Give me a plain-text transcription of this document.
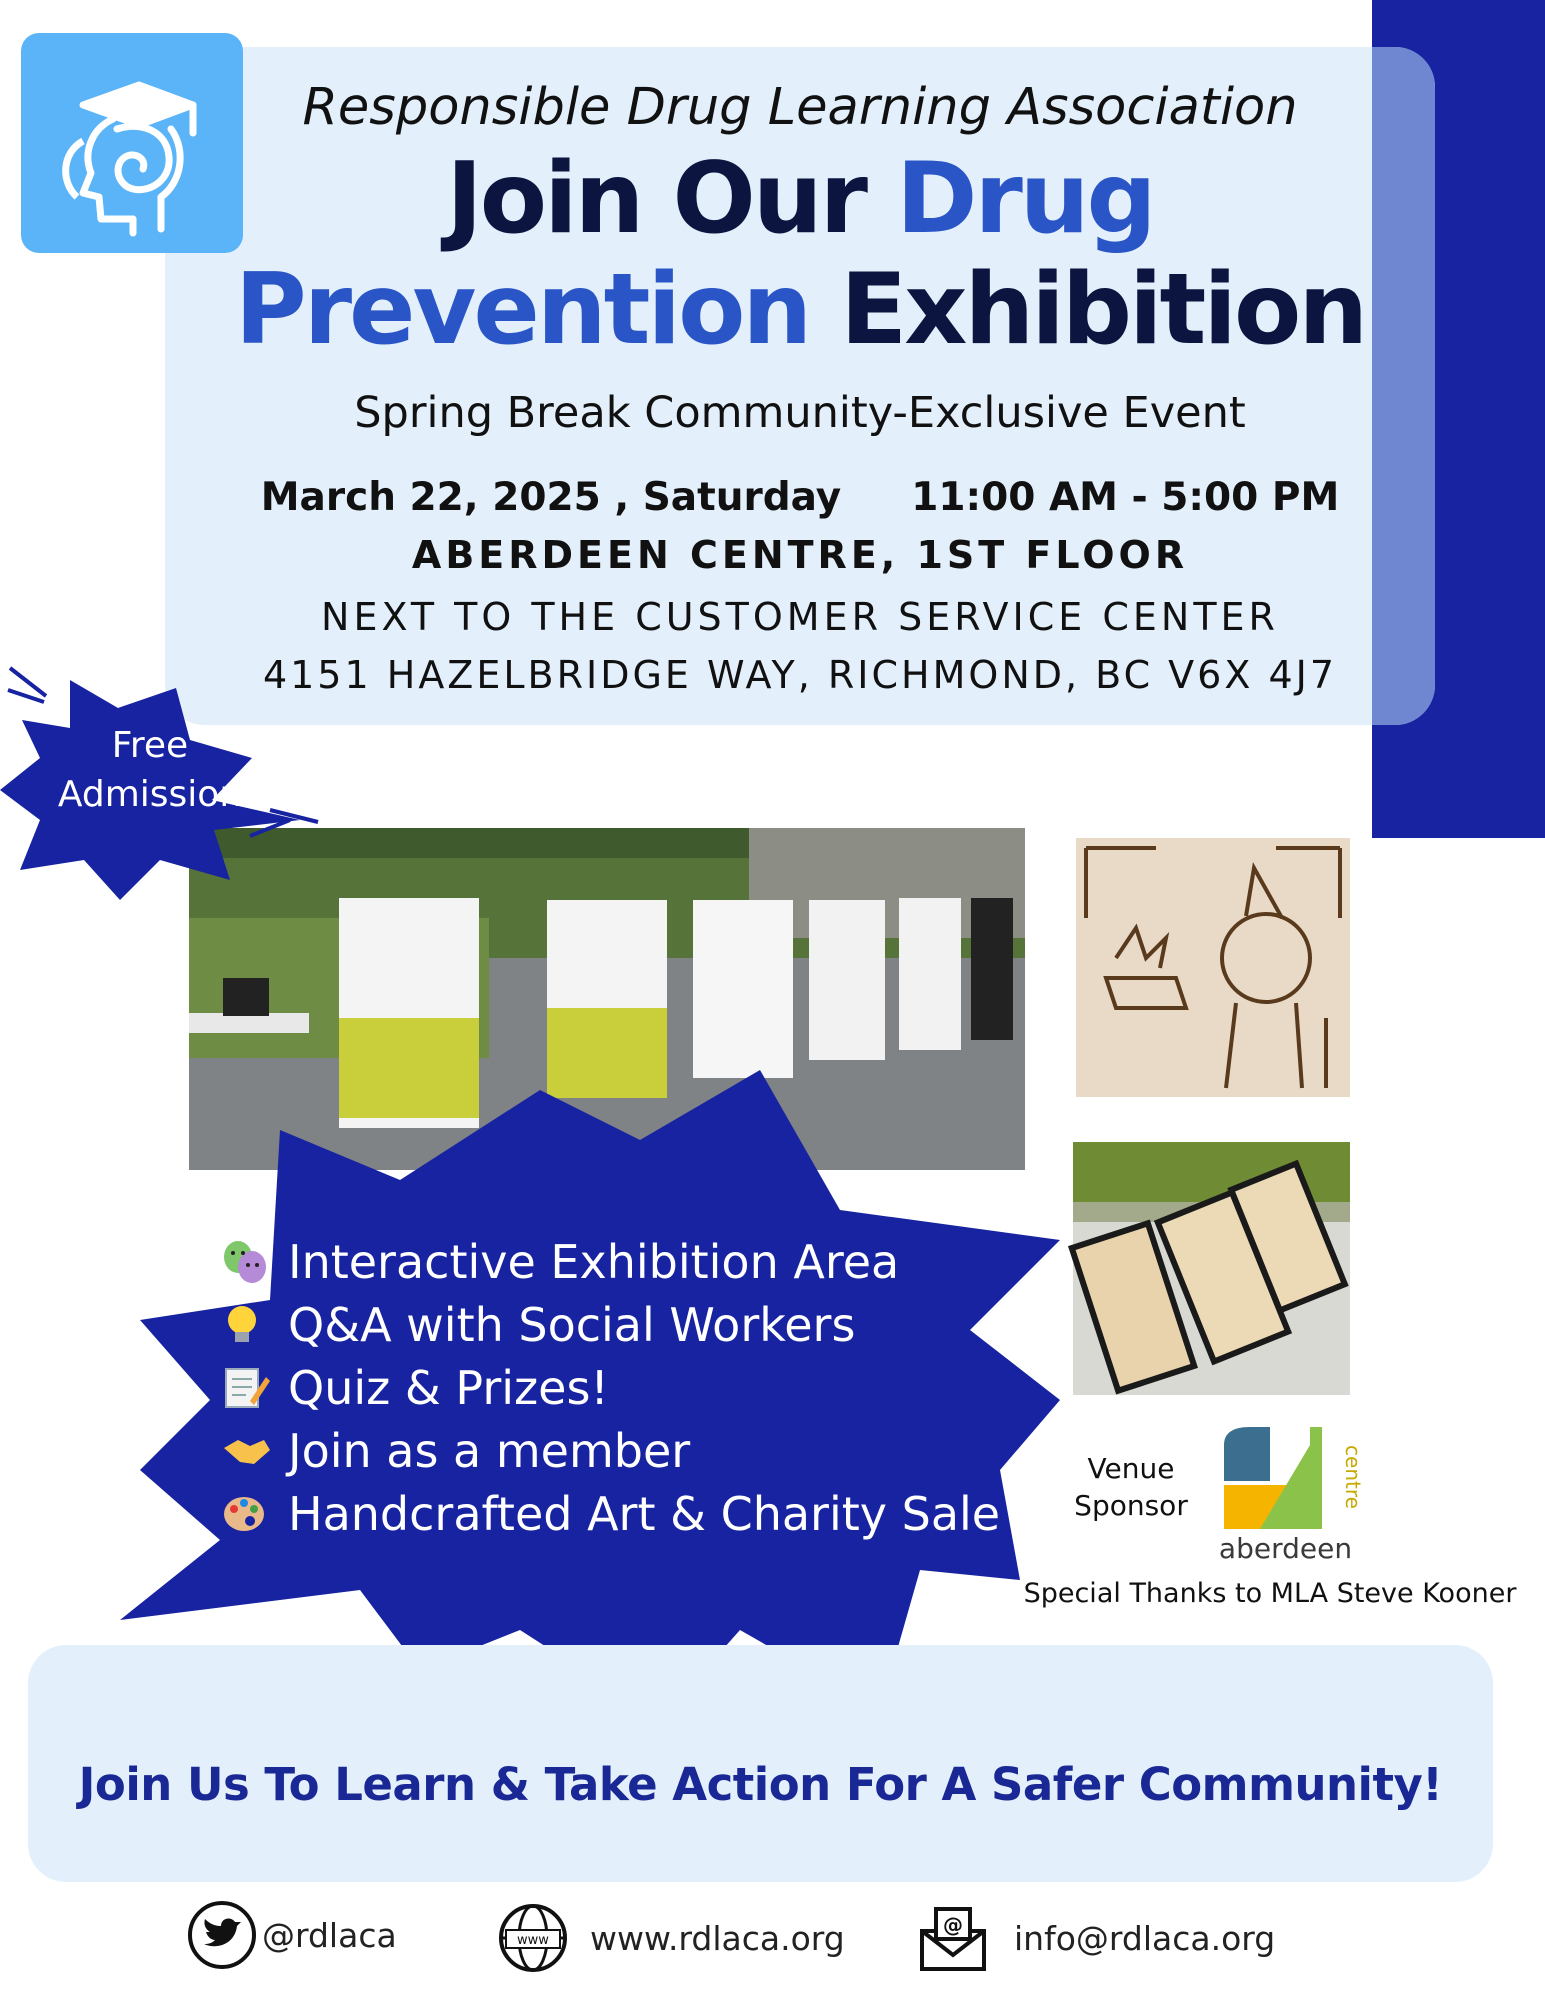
Responsible Drug Learning Association
Join Our Drug
Prevention Exhibition
Spring Break Community-Exclusive Event
March 22, 2025 , Saturday 11:00 AM - 5:00 PM
ABERDEEN CENTRE, 1ST FLOOR
NEXT TO THE CUSTOMER SERVICE CENTER
4151 HAZELBRIDGE WAY, RICHMOND, BC V6X 4J7
Free
Admission
Interactive Exhibition Area
Q&A with Social Workers
Quiz & Prizes!
Join as a member
Handcrafted Art & Charity Sale
Venue
Sponsor	centre
aberdeen
Special Thanks to MLA Steve Kooner
Join Us To Learn & Take Action For A Safer Community!
@rdlaca	www www.rdlaca.org	@ info@rdlaca.org
